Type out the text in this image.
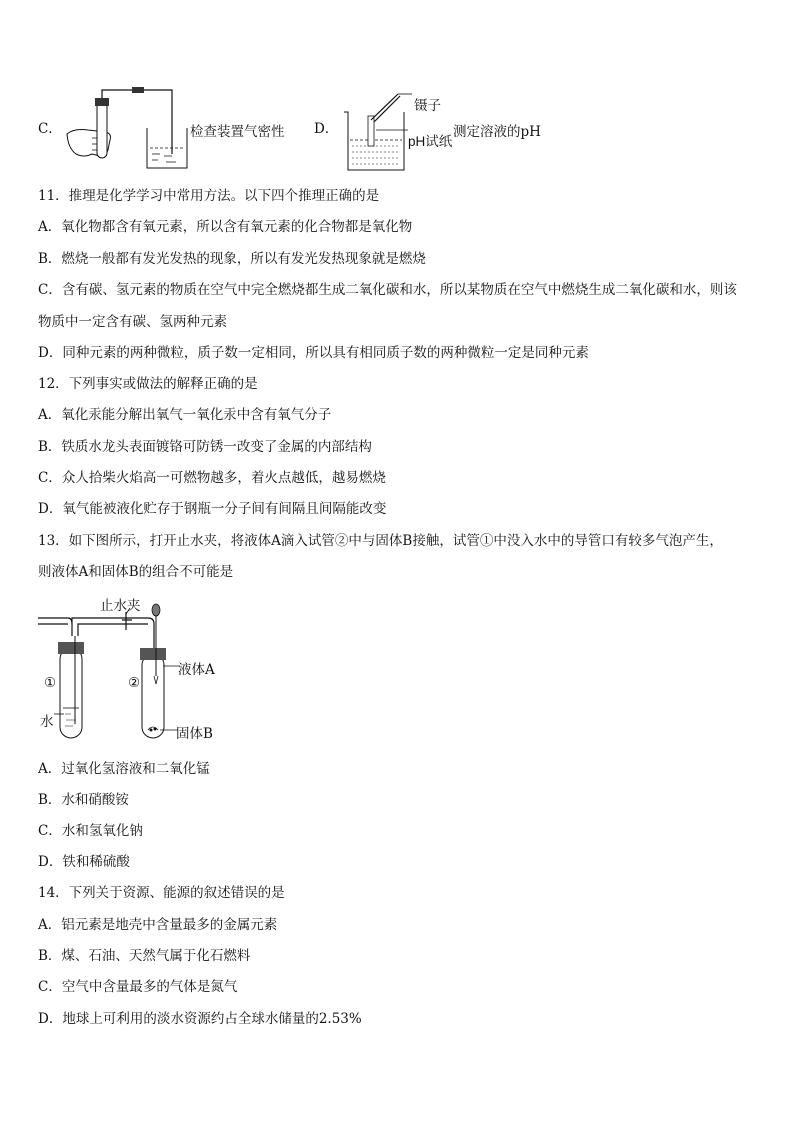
C．	检查装置气密性 D．
镊子
pH试纸
测定溶液的pH
11．推理是化学学习中常用方法。以下四个推理正确的是
A．氧化物都含有氧元素，所以含有氧元素的化合物都是氧化物
B．燃烧一般都有发光发热的现象，所以有发光发热现象就是燃烧
C．含有碳、氢元素的物质在空气中完全燃烧都生成二氧化碳和水，所以某物质在空气中燃烧生成二氧化碳和水，则该
物质中一定含有碳、氢两种元素
D．同种元素的两种微粒，质子数一定相同，所以具有相同质子数的两种微粒一定是同种元素
12．下列事实或做法的解释正确的是
A．氧化汞能分解出氧气一氧化汞中含有氧气分子
B．铁质水龙头表面镀铬可防锈一改变了金属的内部结构
C．众人拾柴火焰高一可燃物越多，着火点越低，越易燃烧
D．氧气能被液化贮存于钢瓶一分子间有间隔且间隔能改变
13．如下图所示，打开止水夹，将液体A滴入试管②中与固体B接触，试管①中没入水中的导管口有较多气泡产生，
则液体A和固体B的组合不可能是
止水夹
①	②
水
液体A
固体B
A．过氧化氢溶液和二氧化锰
B．水和硝酸铵
C．水和氢氧化钠
D．铁和稀硫酸
14．下列关于资源、能源的叙述错误的是
A．铝元素是地壳中含量最多的金属元素
B．煤、石油、天然气属于化石燃料
C．空气中含量最多的气体是氮气
D．地球上可利用的淡水资源约占全球水储量的2.53%
